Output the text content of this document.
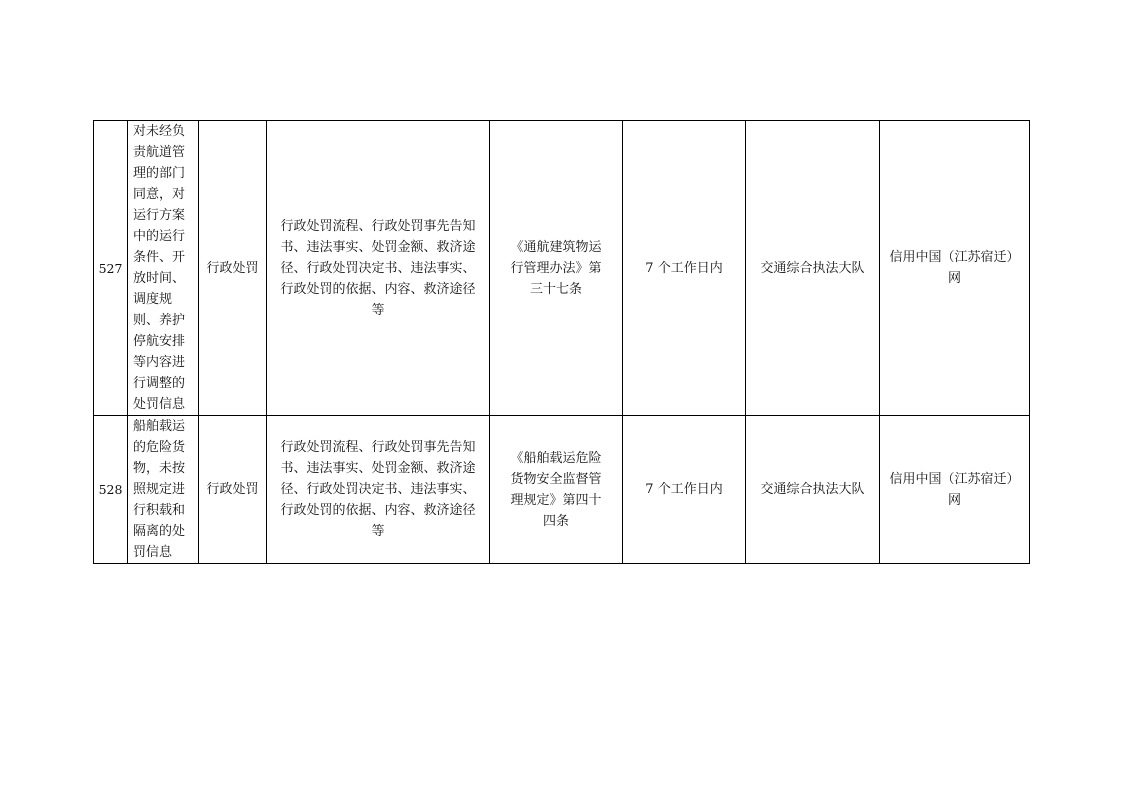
527	对未经负责航道管理的部门同意，对运行方案中的运行条件、开放时间、调度规则、养护停航安排等内容进行调整的处罚信息	行政处罚	行政处罚流程、行政处罚事先告知书、违法事实、处罚金额、救济途径、行政处罚决定书、违法事实、行政处罚的依据、内容、救济途径等	《通航建筑物运行管理办法》第三十七条	7 个工作日内	交通综合执法大队	信用中国（江苏宿迁）网
528	船舶载运的危险货物，未按照规定进行积载和隔离的处罚信息	行政处罚	行政处罚流程、行政处罚事先告知书、违法事实、处罚金额、救济途径、行政处罚决定书、违法事实、行政处罚的依据、内容、救济途径等	《船舶载运危险货物安全监督管理规定》第四十四条	7 个工作日内	交通综合执法大队	信用中国（江苏宿迁）网
